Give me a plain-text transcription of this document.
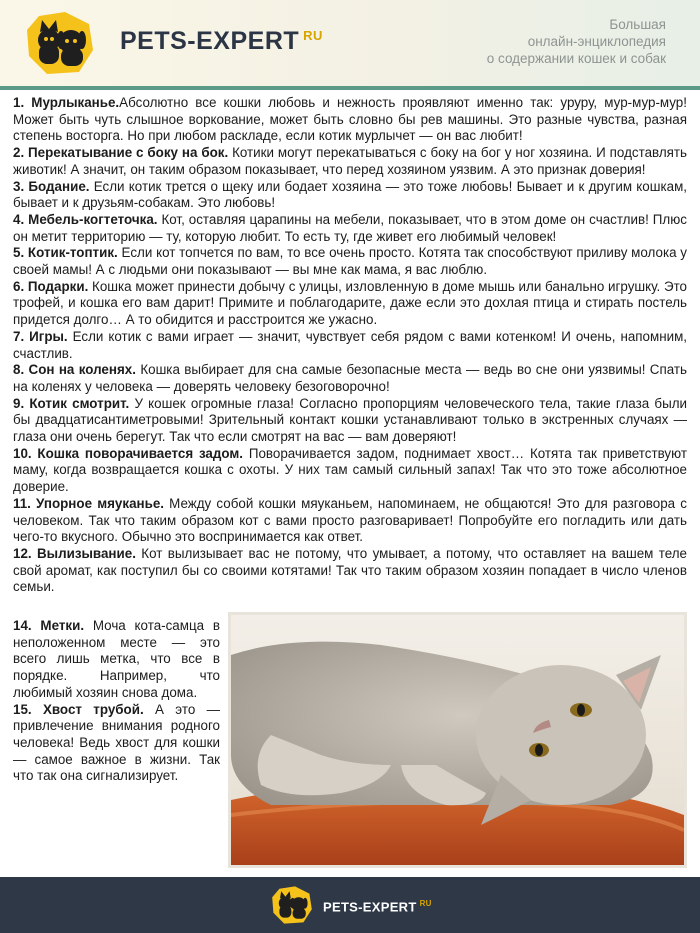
PETS-EXPERT $^{RU}$
Большая
онлайн-энциклопедия
о содержании кошек и собак

1. Мурлыканье.Абсолютно все кошки любовь и нежность проявляют именно так: уруру, мур-мур-мур! Может быть чуть слышное воркование, может быть словно бы рев машины. Это разные чувства, разная степень восторга. Но при любом раскладе, если котик мурлычет — он вас любит!

2. Перекатывание с боку на бок. Котики могут перекатываться с боку на бог у ног хозяина. И подставлять животик! А значит, он таким образом показывает, что перед хозяином уязвим. А это признак доверия!

3. Бодание. Если котик трется о щеку или бодает хозяина — это тоже любовь! Бывает и к другим кошкам, бывает и к друзьям-собакам. Это любовь!

4. Мебель-когтеточка. Кот, оставляя царапины на мебели, показывает, что в этом доме он счастлив! Плюс он метит территорию — ту, которую любит. То есть ту, где живет его любимый человек!

5. Котик-топтик. Если кот топчется по вам, то все очень просто. Котята так способствуют приливу молока у своей мамы! А с людьми они показывают — вы мне как мама, я вас люблю.

6. Подарки. Кошка может принести добычу с улицы, изловленную в доме мышь или банально игрушку. Это трофей, и кошка его вам дарит! Примите и поблагодарите, даже если это дохлая птица и стирать постель придется долго… А то обидится и расстроится же ужасно.

7. Игры. Если котик с вами играет — значит, чувствует себя рядом с вами котенком! И очень, напомним, счастлив.

8. Сон на коленях. Кошка выбирает для сна самые безопасные места — ведь во сне они уязвимы! Спать на коленях у человека — доверять человеку безоговорочно!

9. Котик смотрит. У кошек огромные глаза! Согласно пропорциям человеческого тела, такие глаза были бы двадцатисантиметровыми! Зрительный контакт кошки устанавливают только в экстренных случаях — глаза они очень берегут. Так что если смотрят на вас — вам доверяют!

10. Кошка поворачивается задом. Поворачивается задом, поднимает хвост… Котята так приветствуют маму, когда возвращается кошка с охоты. У них там самый сильный запах! Так что это тоже абсолютное доверие.

11. Упорное мяуканье. Между собой кошки мяуканьем, напоминаем, не общаются! Это для разговора с человеком. Так что таким образом кот с вами просто разговаривает! Попробуйте его погладить или дать чего-то вкусного. Обычно это воспринимается как ответ.

12. Вылизывание. Кот вылизывает вас не потому, что умывает, а потому, что оставляет на вашем теле свой аромат, как поступил бы со своими котятами! Так что таким образом хозяин попадает в число членов семьи.

14. Метки. Моча кота-самца в неположенном месте — это всего лишь метка, что все в порядке. Например, что любимый хозяин снова дома.

15. Хвост трубой. А это — привлечение внимания родного человека! Ведь хвост для кошки — самое важное в жизни. Так что так она сигнализирует.

PETS-EXPERT $^{RU}$
